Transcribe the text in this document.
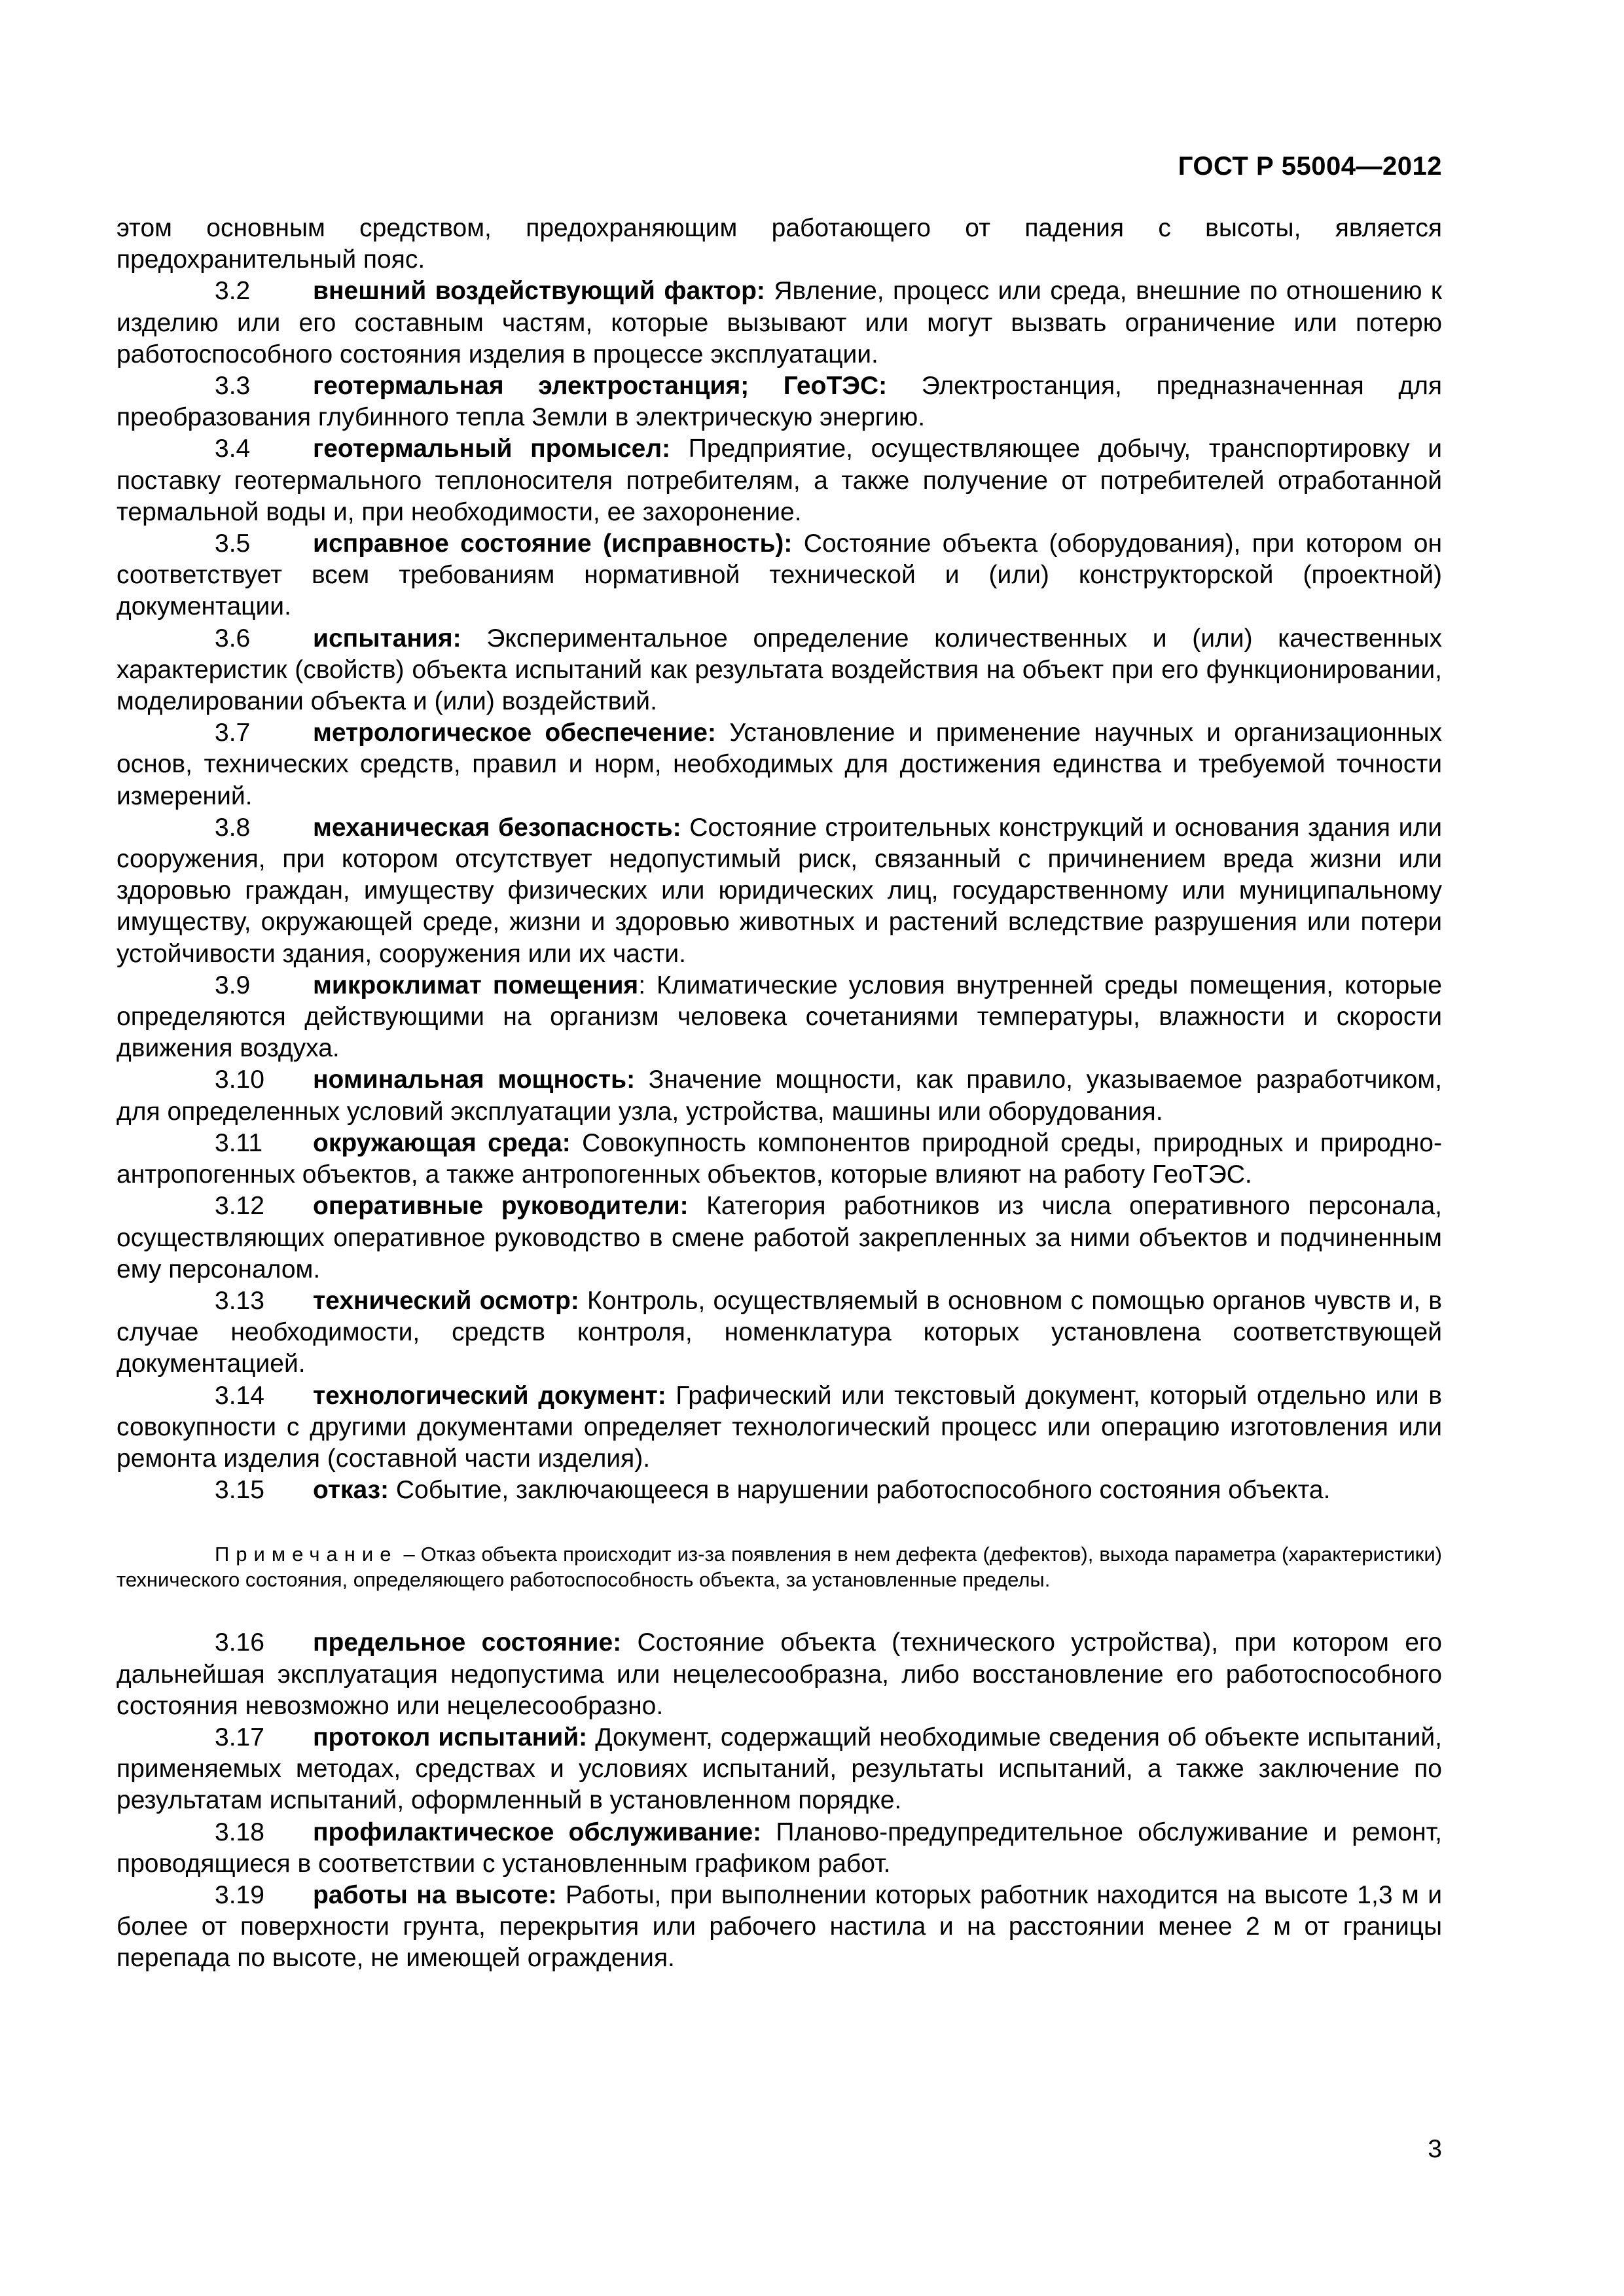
ГОСТ Р 55004—2012

этом основным средством, предохраняющим работающего от падения с высоты, является предохранительный пояс.

3.2 внешний воздействующий фактор: Явление, процесс или среда, внешние по отношению к изделию или его составным частям, которые вызывают или могут вызвать ограничение или потерю работоспособного состояния изделия в процессе эксплуатации.

3.3 геотермальная электростанция; ГеоТЭС: Электростанция, предназначенная для преобразования глубинного тепла Земли в электрическую энергию.

3.4 геотермальный промысел: Предприятие, осуществляющее добычу, транспортировку и поставку геотермального теплоносителя потребителям, а также получение от потребителей отработанной термальной воды и, при необходимости, ее захоронение.

3.5 исправное состояние (исправность): Состояние объекта (оборудования), при котором он соответствует всем требованиям нормативной технической и (или) конструкторской (проектной) документации.

3.6 испытания: Экспериментальное определение количественных и (или) качественных характеристик (свойств) объекта испытаний как результата воздействия на объект при его функционировании, моделировании объекта и (или) воздействий.

3.7 метрологическое обеспечение: Установление и применение научных и организационных основ, технических средств, правил и норм, необходимых для достижения единства и требуемой точности измерений.

3.8 механическая безопасность: Состояние строительных конструкций и основания здания или сооружения, при котором отсутствует недопустимый риск, связанный с причинением вреда жизни или здоровью граждан, имуществу физических или юридических лиц, государственному или муниципальному имуществу, окружающей среде, жизни и здоровью животных и растений вследствие разрушения или потери устойчивости здания, сооружения или их части.

3.9 микроклимат помещения: Климатические условия внутренней среды помещения, которые определяются действующими на организм человека сочетаниями температуры, влажности и скорости движения воздуха.

3.10 номинальная мощность: Значение мощности, как правило, указываемое разработчиком, для определенных условий эксплуатации узла, устройства, машины или оборудования.

3.11 окружающая среда: Совокупность компонентов природной среды, природных и природно-антропогенных объектов, а также антропогенных объектов, которые влияют на работу ГеоТЭС.

3.12 оперативные руководители: Категория работников из числа оперативного персонала, осуществляющих оперативное руководство в смене работой закрепленных за ними объектов и подчиненным ему персоналом.

3.13 технический осмотр: Контроль, осуществляемый в основном с помощью органов чувств и, в случае необходимости, средств контроля, номенклатура которых установлена соответствующей документацией.

3.14 технологический документ: Графический или текстовый документ, который отдельно или в совокупности с другими документами определяет технологический процесс или операцию изготовления или ремонта изделия (составной части изделия).

3.15 отказ: Событие, заключающееся в нарушении работоспособного состояния объекта.

Примечание – Отказ объекта происходит из-за появления в нем дефекта (дефектов), выхода параметра (характеристики) технического состояния, определяющего работоспособность объекта, за установленные пределы.

3.16 предельное состояние: Состояние объекта (технического устройства), при котором его дальнейшая эксплуатация недопустима или нецелесообразна, либо восстановление его работоспособного состояния невозможно или нецелесообразно.

3.17 протокол испытаний: Документ, содержащий необходимые сведения об объекте испытаний, применяемых методах, средствах и условиях испытаний, результаты испытаний, а также заключение по результатам испытаний, оформленный в установленном порядке.

3.18 профилактическое обслуживание: Планово-предупредительное обслуживание и ремонт, проводящиеся в соответствии с установленным графиком работ.

3.19 работы на высоте: Работы, при выполнении которых работник находится на высоте 1,3 м и более от поверхности грунта, перекрытия или рабочего настила и на расстоянии менее 2 м от границы перепада по высоте, не имеющей ограждения.

3
